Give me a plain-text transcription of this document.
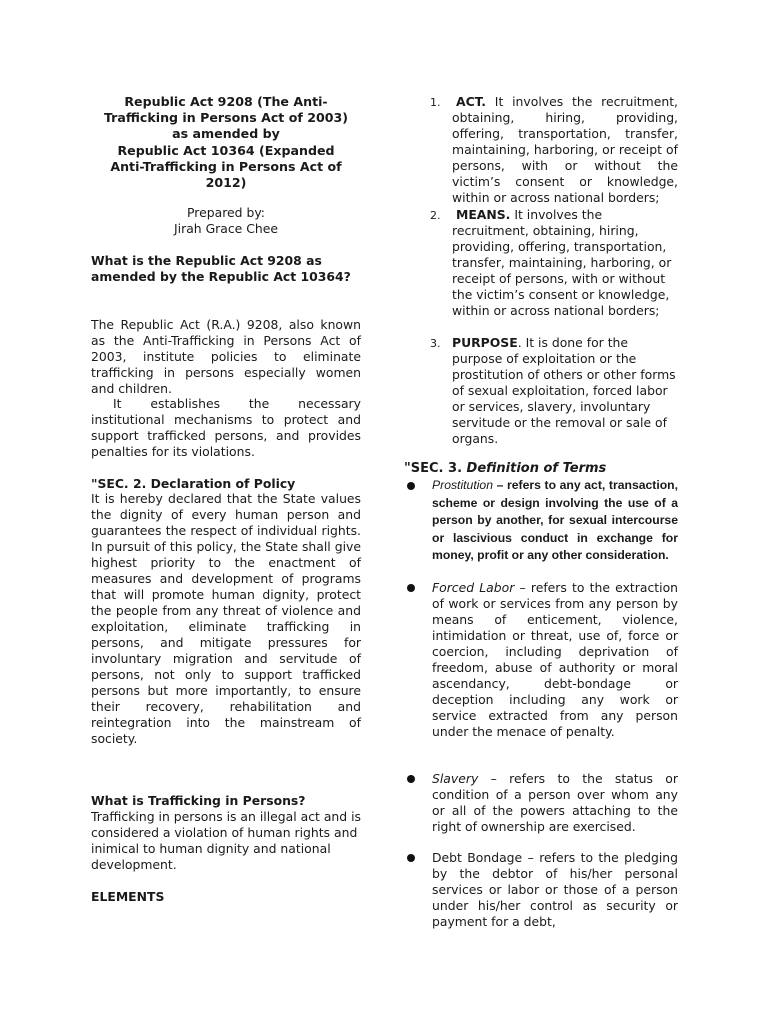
Republic Act 9208 (The Anti-
Trafficking in Persons Act of 2003)
as amended by
Republic Act 10364 (Expanded
Anti-Trafficking in Persons Act of
2012)
Prepared by:
Jirah Grace Chee
What is the Republic Act 9208 as amended by the Republic Act 10364?
The Republic Act (R.A.) 9208, also known as the Anti-Trafficking in Persons Act of 2003, institute policies to eliminate trafficking in persons especially women and children.
It establishes the necessary institutional mechanisms to protect and support trafficked persons, and provides penalties for its violations.
"SEC. 2. Declaration of Policy
It is hereby declared that the State values the dignity of every human person and guarantees the respect of individual rights. In pursuit of this policy, the State shall give highest priority to the enactment of measures and development of programs that will promote human dignity, protect the people from any threat of violence and exploitation, eliminate trafficking in persons, and mitigate pressures for involuntary migration and servitude of persons, not only to support trafficked persons but more importantly, to ensure their recovery, rehabilitation and reintegration into the mainstream of society.
What is Trafficking in Persons?
Trafficking in persons is an illegal act and is considered a violation of human rights and inimical to human dignity and national development.
ELEMENTS
1.	ACT. It involves the recruitment, obtaining, hiring, providing, offering, transportation, transfer, maintaining, harboring, or receipt of persons, with or without the victim’s consent or knowledge, within or across national borders;
2.	MEANS. It involves the recruitment, obtaining, hiring, providing, offering, transportation, transfer, maintaining, harboring, or receipt of persons, with or without the victim’s consent or knowledge, within or across national borders;
3. PURPOSE. It is done for the purpose of exploitation or the prostitution of others or other forms of sexual exploitation, forced labor or services, slavery, involuntary servitude or the removal or sale of organs.
"SEC. 3. Definition of Terms
Prostitution – refers to any act, transaction, scheme or design involving the use of a person by another, for sexual intercourse or lascivious conduct in exchange for money, profit or any other consideration.
Forced Labor – refers to the extraction of work or services from any person by means of enticement, violence, intimidation or threat, use of, force or coercion, including deprivation of freedom, abuse of authority or moral ascendancy, debt-bondage or deception including any work or service extracted from any person under the menace of penalty.
Slavery – refers to the status or condition of a person over whom any or all of the powers attaching to the right of ownership are exercised.
Debt Bondage – refers to the pledging by the debtor of his/her personal services or labor or those of a person under his/her control as security or payment for a debt,
